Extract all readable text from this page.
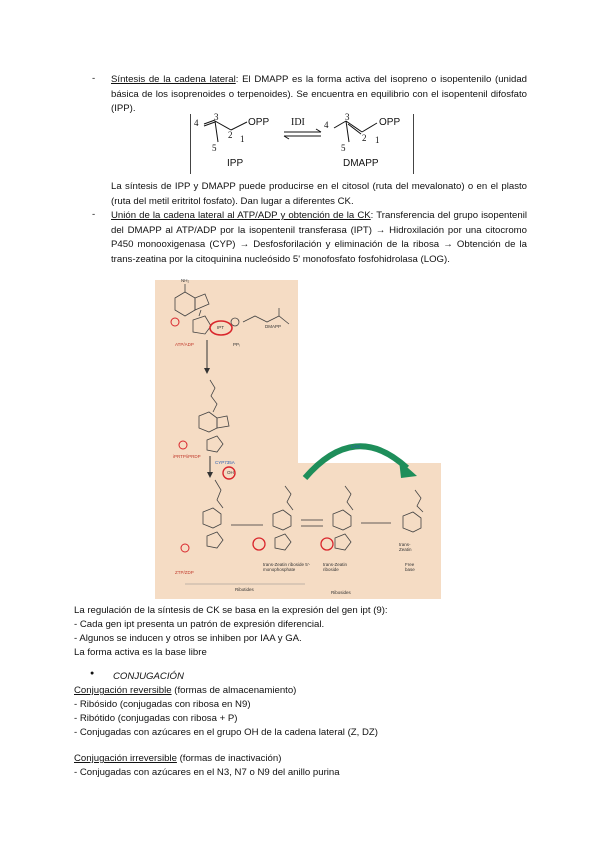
- Síntesis de la cadena lateral: El DMAPP es la forma activa del isopreno o isopentenilo (unidad básica de los isoprenoides o terpenoides). Se encuentra en equilibrio con el isopentenil difosfato (IPP).
4
3
2 1
5
OPP
IPP
IDI 4
3
2 1
5
OPP
DMAPP
La síntesis de IPP y DMAPP puede producirse en el citosol (ruta del mevalonato) o en el plasto (ruta del metil eritritol fosfato). Dan lugar a diferentes CK.
- Unión de la cadena lateral al ATP/ADP y obtención de la CK: Transferencia del grupo isopentenil del DMAPP al ATP/ADP por la isopentenil transferasa (IPT) → Hidroxilación por una citocromo P450 monooxigenasa (CYP) → Desfosforilación y eliminación de la ribosa → Obtención de la trans-zeatina por la citoquinina nucleósido 5' monofosfato fosfohidrolasa (LOG).
NH₂
DMAPP
IPT
PPᵢ
ATP/ADP
iPRTP/iPRDP
CYP735A
OH
LOG
ZTP/ZDP
trans-Zeatin riboside 5'-monophosphate
trans-Zeatin riboside
trans-Zeatin
Free base
Ribotides
Ribosides
La regulación de la síntesis de CK se basa en la expresión del gen ipt (9):
- Cada gen ipt presenta un patrón de expresión diferencial.
- Algunos se inducen y otros se inhiben por IAA y GA.
La forma activa es la base libre
● CONJUGACIÓN
Conjugación reversible (formas de almacenamiento)
- Ribósido (conjugadas con ribosa en N9)
- Ribótido (conjugadas con ribosa + P)
- Conjugadas con azúcares en el grupo OH de la cadena lateral (Z, DZ)
Conjugación irreversible (formas de inactivación)
- Conjugadas con azúcares en el N3, N7 o N9 del anillo purina
